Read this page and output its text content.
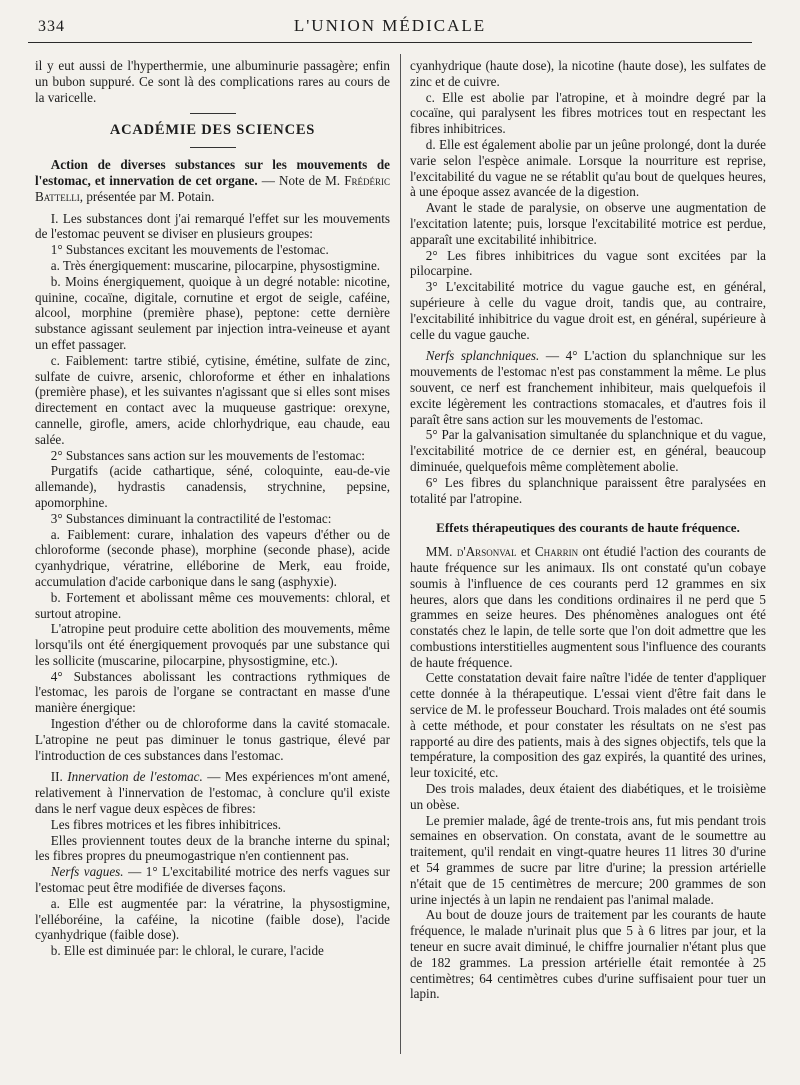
334	L'UNION MÉDICALE

il y eut aussi de l'hyperthermie, une albuminurie passagère; enfin un bubon suppuré. Ce sont là des complications rares au cours de la varicelle.

ACADÉMIE DES SCIENCES

Action de diverses substances sur les mouvements de l'estomac, et innervation de cet organe. — Note de M. Frédéric Battelli, présentée par M. Potain.

I. Les substances dont j'ai remarqué l'effet sur les mouvements de l'estomac peuvent se diviser en plusieurs groupes:

1° Substances excitant les mouvements de l'estomac.

a. Très énergiquement: muscarine, pilocarpine, physostigmine.

b. Moins énergiquement, quoique à un degré notable: nicotine, quinine, cocaïne, digitale, cornutine et ergot de seigle, caféine, alcool, morphine (première phase), peptone: cette dernière substance agissant seulement par injection intra-veineuse et ayant un effet passager.

c. Faiblement: tartre stibié, cytisine, émétine, sulfate de zinc, sulfate de cuivre, arsenic, chloroforme et éther en inhalations (première phase), et les suivantes n'agissant que si elles sont mises directement en contact avec la muqueuse gastrique: orexyne, cannelle, girofle, amers, acide chlorhydrique, eau chaude, eau salée.

2° Substances sans action sur les mouvements de l'estomac:

Purgatifs (acide cathartique, séné, coloquinte, eau-de-vie allemande), hydrastis canadensis, strychnine, pepsine, apomorphine.

3° Substances diminuant la contractilité de l'estomac:

a. Faiblement: curare, inhalation des vapeurs d'éther ou de chloroforme (seconde phase), morphine (seconde phase), acide cyanhydrique, vératrine, elléborine de Merk, eau froide, accumulation d'acide carbonique dans le sang (asphyxie).

b. Fortement et abolissant même ces mouvements: chloral, et surtout atropine.

L'atropine peut produire cette abolition des mouvements, même lorsqu'ils ont été énergiquement provoqués par une substance qui les sollicite (muscarine, pilocarpine, physostigmine, etc.).

4° Substances abolissant les contractions rythmiques de l'estomac, les parois de l'organe se contractant en masse d'une manière énergique:

Ingestion d'éther ou de chloroforme dans la cavité stomacale. L'atropine ne peut pas diminuer le tonus gastrique, élevé par l'introduction de ces substances dans l'estomac.

II. Innervation de l'estomac. — Mes expériences m'ont amené, relativement à l'innervation de l'estomac, à conclure qu'il existe dans le nerf vague deux espèces de fibres:

Les fibres motrices et les fibres inhibitrices.

Elles proviennent toutes deux de la branche interne du spinal; les fibres propres du pneumogastrique n'en contiennent pas.

Nerfs vagues. — 1° L'excitabilité motrice des nerfs vagues sur l'estomac peut être modifiée de diverses façons.

a. Elle est augmentée par: la vératrine, la physostigmine, l'elléboréine, la caféine, la nicotine (faible dose), l'acide cyanhydrique (faible dose).

b. Elle est diminuée par: le chloral, le curare, l'acide

cyanhydrique (haute dose), la nicotine (haute dose), les sulfates de zinc et de cuivre.

c. Elle est abolie par l'atropine, et à moindre degré par la cocaïne, qui paralysent les fibres motrices tout en respectant les fibres inhibitrices.

d. Elle est également abolie par un jeûne prolongé, dont la durée varie selon l'espèce animale. Lorsque la nourriture est reprise, l'excitabilité du vague ne se rétablit qu'au bout de quelques heures, à une époque assez avancée de la digestion.

Avant le stade de paralysie, on observe une augmentation de l'excitation latente; puis, lorsque l'excitabilité motrice est perdue, apparaît une excitabilité inhibitrice.

2° Les fibres inhibitrices du vague sont excitées par la pilocarpine.

3° L'excitabilité motrice du vague gauche est, en général, supérieure à celle du vague droit, tandis que, au contraire, l'excitabilité inhibitrice du vague droit est, en général, supérieure à celle du vague gauche.

Nerfs splanchniques. — 4° L'action du splanchnique sur les mouvements de l'estomac n'est pas constamment la même. Le plus souvent, ce nerf est franchement inhibiteur, mais quelquefois il excite légèrement les contractions stomacales, et d'autres fois il paraît être sans action sur les mouvements de l'estomac.

5° Par la galvanisation simultanée du splanchnique et du vague, l'excitabilité motrice de ce dernier est, en général, beaucoup diminuée, quelquefois même complètement abolie.

6° Les fibres du splanchnique paraissent être paralysées en totalité par l'atropine.

Effets thérapeutiques des courants de haute fréquence.

MM. d'Arsonval et Charrin ont étudié l'action des courants de haute fréquence sur les animaux. Ils ont constaté qu'un cobaye soumis à l'influence de ces courants perd 12 grammes en six heures, alors que dans les conditions ordinaires il ne perd que 5 grammes en seize heures. Des phénomènes analogues ont été constatés chez le lapin, de telle sorte que l'on doit admettre que les combustions interstitielles augmentent sous l'influence des courants de haute fréquence.

Cette constatation devait faire naître l'idée de tenter d'appliquer cette donnée à la thérapeutique. L'essai vient d'être fait dans le service de M. le professeur Bouchard. Trois malades ont été soumis à cette méthode, et pour constater les résultats on ne s'est pas rapporté au dire des patients, mais à des signes objectifs, tels que la température, la composition des gaz expirés, la quantité des urines, leur toxicité, etc.

Des trois malades, deux étaient des diabétiques, et le troisième un obèse.

Le premier malade, âgé de trente-trois ans, fut mis pendant trois semaines en observation. On constata, avant de le soumettre au traitement, qu'il rendait en vingt-quatre heures 11 litres 30 d'urine et 54 grammes de sucre par litre d'urine; la pression artérielle n'était que de 15 centimètres de mercure; 200 grammes de son urine injectés à un lapin ne rendaient pas l'animal malade.

Au bout de douze jours de traitement par les courants de haute fréquence, le malade n'urinait plus que 5 à 6 litres par jour, et la teneur en sucre avait diminué, le chiffre journalier n'étant plus que de 182 grammes. La pression artérielle était remontée à 25 centimètres; 64 centimètres cubes d'urine suffisaient pour tuer un lapin.
